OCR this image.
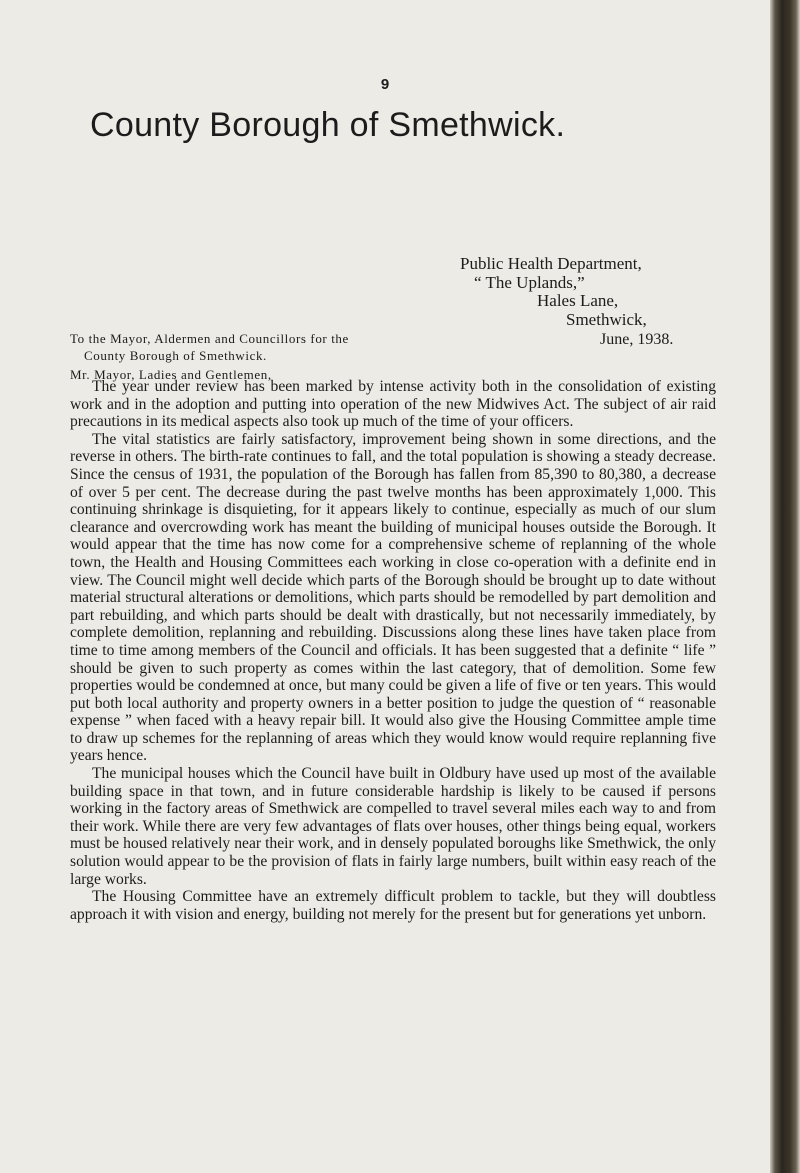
9
County Borough of Smethwick.
Public Health Department,
“ The Uplands,”
Hales Lane,
Smethwick,
June, 1938.
To the Mayor, Aldermen and Councillors for the
County Borough of Smethwick.
Mr. Mayor, Ladies and Gentlemen,

The year under review has been marked by intense activity both in the consolidation of existing work and in the adoption and putting into operation of the new Midwives Act. The subject of air raid precautions in its medical aspects also took up much of the time of your officers.

The vital statistics are fairly satisfactory, improvement being shown in some directions, and the reverse in others. The birth-rate continues to fall, and the total population is showing a steady decrease. Since the census of 1931, the population of the Borough has fallen from 85,390 to 80,380, a decrease of over 5 per cent. The decrease during the past twelve months has been approximately 1,000. This continuing shrinkage is disquieting, for it appears likely to continue, especially as much of our slum clearance and overcrowding work has meant the building of municipal houses outside the Borough. It would appear that the time has now come for a comprehensive scheme of replanning of the whole town, the Health and Housing Committees each working in close co-operation with a definite end in view. The Council might well decide which parts of the Borough should be brought up to date without material structural alterations or demolitions, which parts should be remodelled by part demolition and part rebuilding, and which parts should be dealt with drastically, but not necessarily immediately, by complete demolition, replanning and rebuilding. Discussions along these lines have taken place from time to time among members of the Council and officials. It has been suggested that a definite “ life ” should be given to such property as comes within the last category, that of demolition. Some few properties would be condemned at once, but many could be given a life of five or ten years. This would put both local authority and property owners in a better position to judge the question of “ reasonable expense ” when faced with a heavy repair bill. It would also give the Housing Committee ample time to draw up schemes for the replanning of areas which they would know would require replanning five years hence.

The municipal houses which the Council have built in Oldbury have used up most of the available building space in that town, and in future considerable hardship is likely to be caused if persons working in the factory areas of Smethwick are compelled to travel several miles each way to and from their work. While there are very few advantages of flats over houses, other things being equal, workers must be housed relatively near their work, and in densely populated boroughs like Smethwick, the only solution would appear to be the provision of flats in fairly large numbers, built within easy reach of the large works.

The Housing Committee have an extremely difficult problem to tackle, but they will doubtless approach it with vision and energy, building not merely for the present but for generations yet unborn.
